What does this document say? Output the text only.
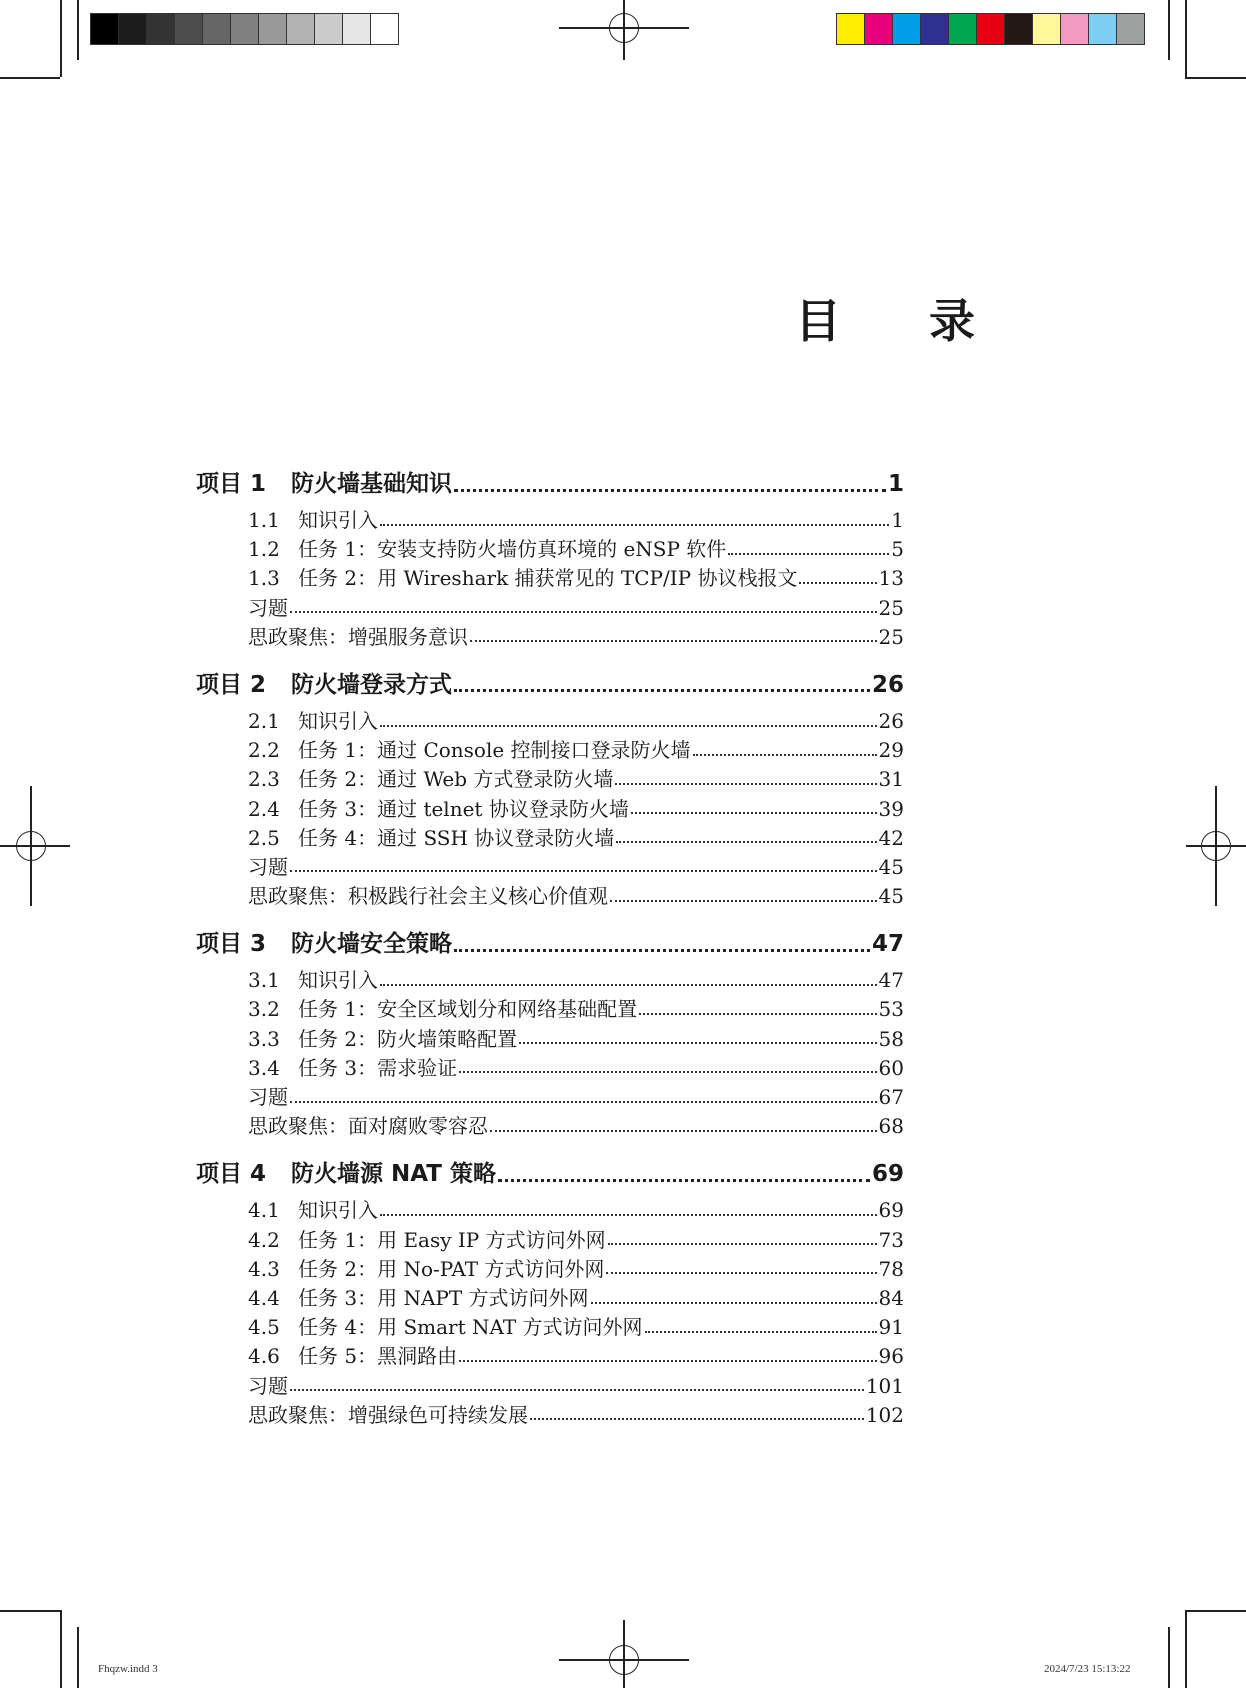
目 录
项目 1	防火墙基础知识	1
1.1 知识引入	1
1.2 任务 1：安装支持防火墙仿真环境的 eNSP 软件	5
1.3 任务 2：用 Wireshark 捕获常见的 TCP/IP 协议栈报文	13
习题	25
思政聚焦：增强服务意识	25
项目 2	防火墙登录方式	26
2.1 知识引入	26
2.2 任务 1：通过 Console 控制接口登录防火墙	29
2.3 任务 2：通过 Web 方式登录防火墙	31
2.4 任务 3：通过 telnet 协议登录防火墙	39
2.5 任务 4：通过 SSH 协议登录防火墙	42
习题	45
思政聚焦：积极践行社会主义核心价值观	45
项目 3	防火墙安全策略	47
3.1 知识引入	47
3.2 任务 1：安全区域划分和网络基础配置	53
3.3 任务 2：防火墙策略配置	58
3.4 任务 3：需求验证	60
习题	67
思政聚焦：面对腐败零容忍	68
项目 4	防火墙源 NAT 策略	69
4.1 知识引入	69
4.2 任务 1：用 Easy IP 方式访问外网	73
4.3 任务 2：用 No-PAT 方式访问外网	78
4.4 任务 3：用 NAPT 方式访问外网	84
4.5 任务 4：用 Smart NAT 方式访问外网	91
4.6 任务 5：黑洞路由	96
习题	101
思政聚焦：增强绿色可持续发展	102
Fhqzw.indd 3	2024/7/23 15:13:22
